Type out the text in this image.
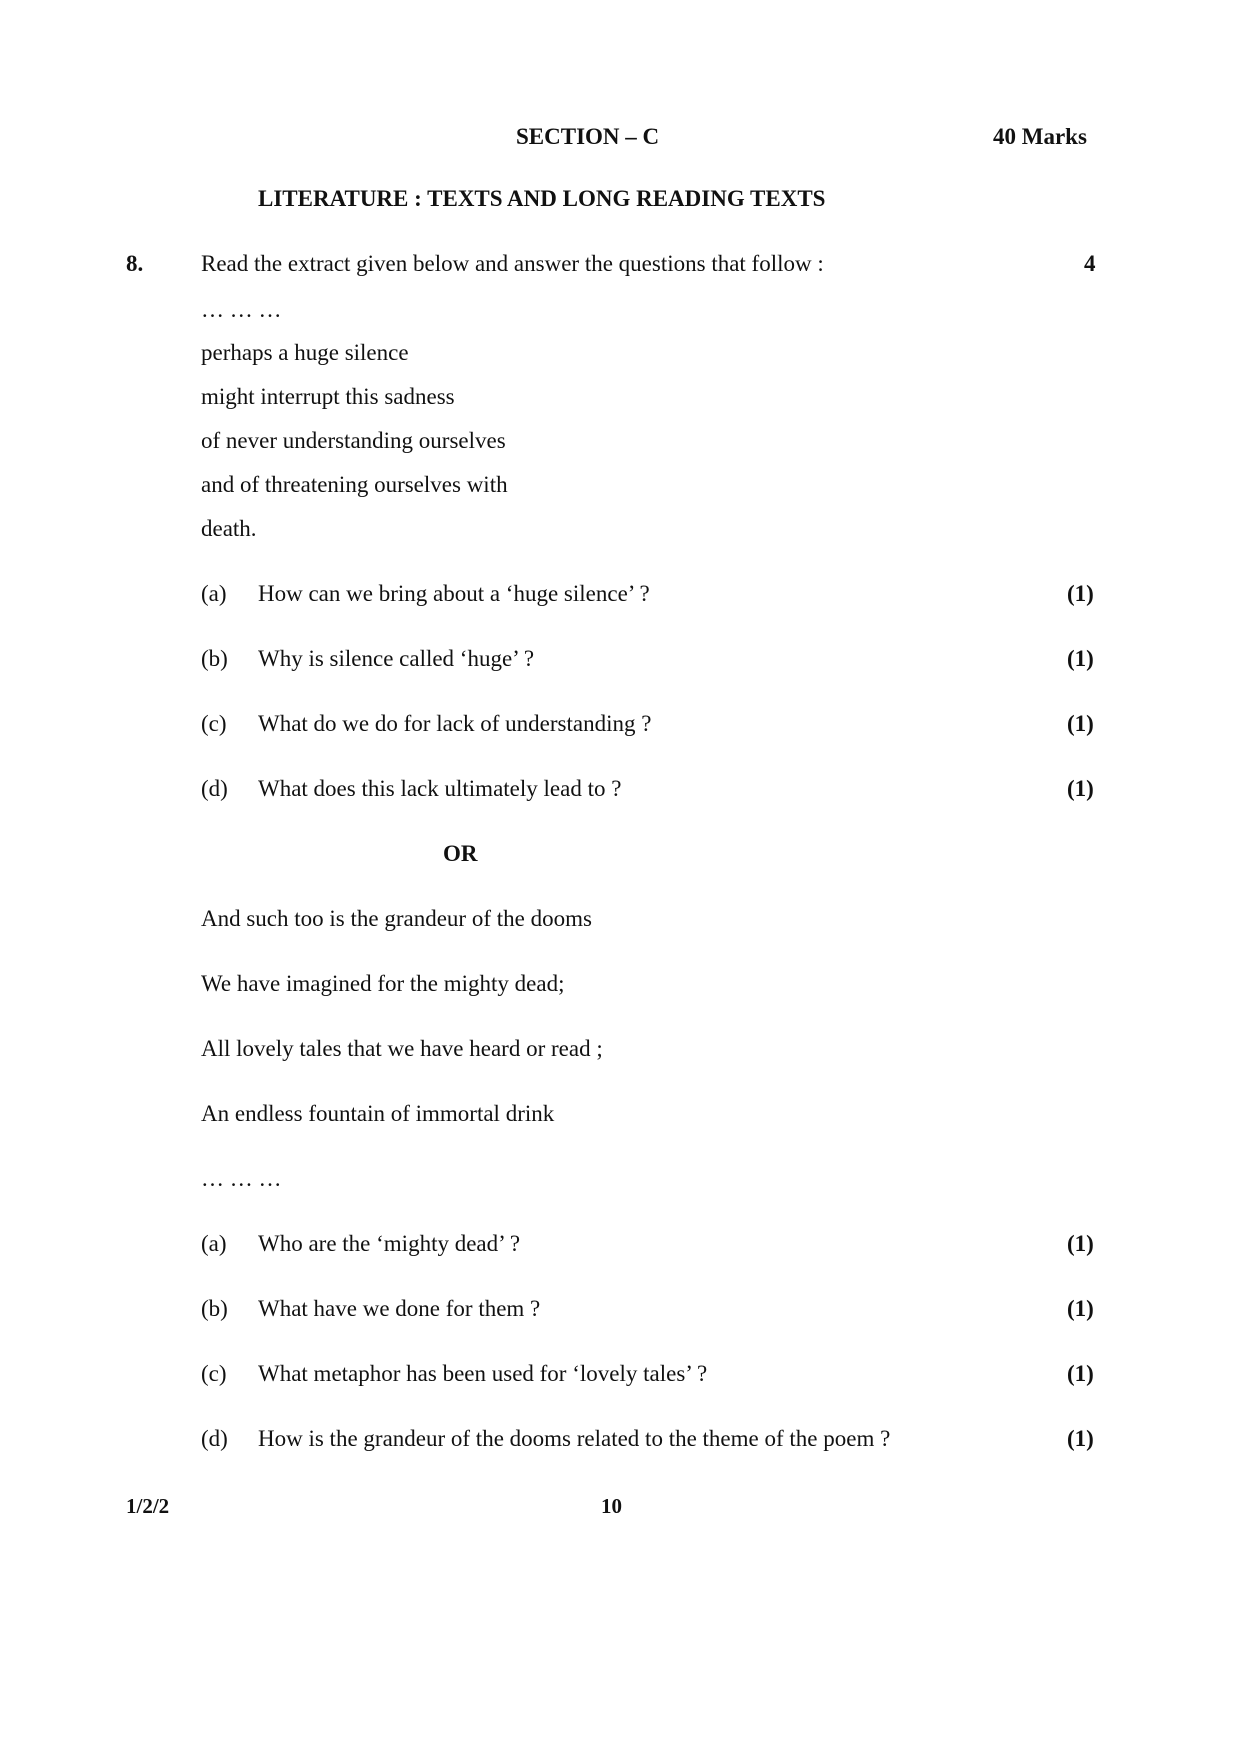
SECTION – C	40 Marks
LITERATURE : TEXTS AND LONG READING TEXTS
8.	Read the extract given below and answer the questions that follow :	4
… … …
perhaps a huge silence
might interrupt this sadness
of never understanding ourselves
and of threatening ourselves with
death.
(a) How can we bring about a ‘huge silence’ ?	(1)
(b) Why is silence called ‘huge’ ?	(1)
(c) What do we do for lack of understanding ?	(1)
(d) What does this lack ultimately lead to ?	(1)
OR
And such too is the grandeur of the dooms
We have imagined for the mighty dead;
All lovely tales that we have heard or read ;
An endless fountain of immortal drink
… … …
(a) Who are the ‘mighty dead’ ?	(1)
(b) What have we done for them ?	(1)
(c) What metaphor has been used for ‘lovely tales’ ?	(1)
(d) How is the grandeur of the dooms related to the theme of the poem ?	(1)
1/2/2	10
